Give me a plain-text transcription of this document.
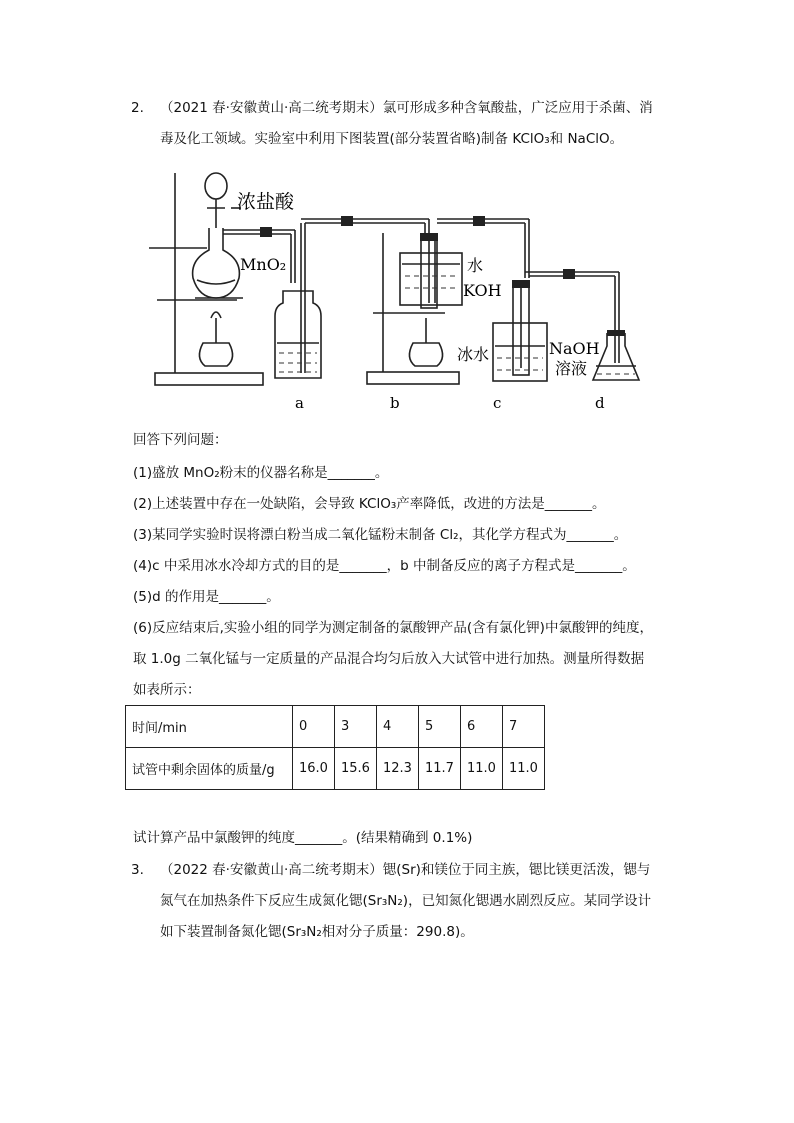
2. （2021 春·安徽黄山·高二统考期末）氯可形成多种含氧酸盐，广泛应用于杀菌、消
毒及化工领域。实验室中利用下图装置(部分装置省略)制备 KClO₃和 NaClO。
浓盐酸
MnO₂	水
KOH
冰水	NaOH
溶液
a	b	c	d
回答下列问题：
(1)盛放 MnO₂粉末的仪器名称是_______。
(2)上述装置中存在一处缺陷，会导致 KClO₃产率降低，改进的方法是_______。
(3)某同学实验时误将漂白粉当成二氧化锰粉末制备 Cl₂，其化学方程式为_______。
(4)c 中采用冰水冷却方式的目的是_______，b 中制备反应的离子方程式是_______。
(5)d 的作用是_______。
(6)反应结束后,实验小组的同学为测定制备的氯酸钾产品(含有氯化钾)中氯酸钾的纯度，
取 1.0g 二氧化锰与一定质量的产品混合均匀后放入大试管中进行加热。测量所得数据
如表所示：
时间/min	0	3	4	5	6	7
试管中剩余固体的质量/g	16.0	15.6	12.3	11.7	11.0	11.0
试计算产品中氯酸钾的纯度_______。(结果精确到 0.1%)
3. （2022 春·安徽黄山·高二统考期末）锶(Sr)和镁位于同主族，锶比镁更活泼，锶与
氮气在加热条件下反应生成氮化锶(Sr₃N₂)，已知氮化锶遇水剧烈反应。某同学设计
如下装置制备氮化锶(Sr₃N₂相对分子质量：290.8)。
